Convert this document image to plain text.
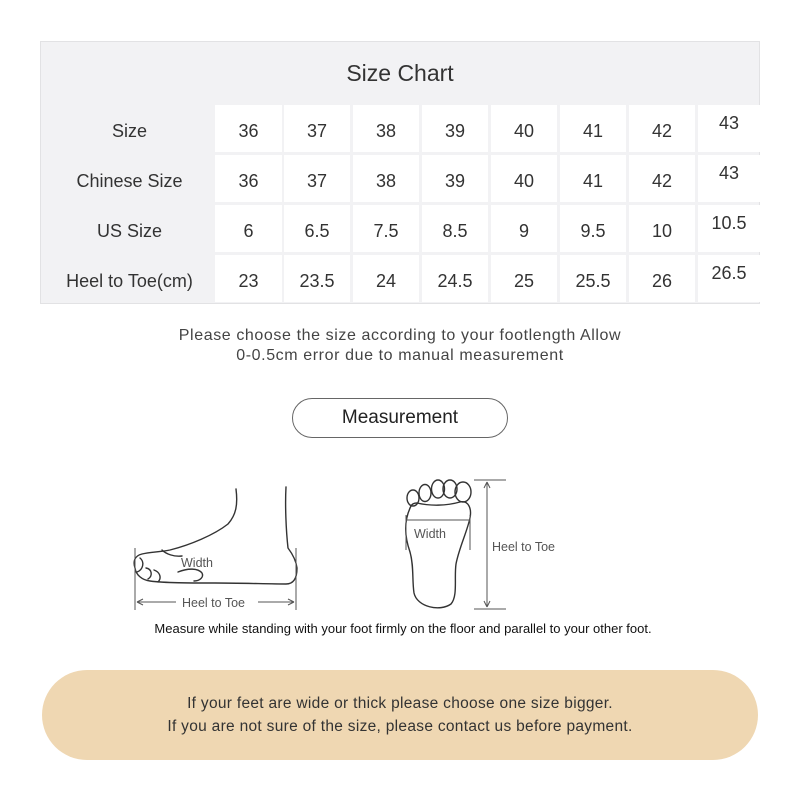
Size Chart
Size	36	37	38	39	40	41	42	43
Chinese Size	36	37	38	39	40	41	42	43
US Size	6	6.5	7.5	8.5	9	9.5	10	10.5
Heel to Toe(cm)	23	23.5	24	24.5	25	25.5	26	26.5
Please choose the size according to your footlength Allow
0-0.5cm error due to manual measurement
Measurement
Width
Heel to Toe
Width
Heel to Toe
Measure while standing with your foot firmly on the floor and parallel to your other foot.
If your feet are wide or thick please choose one size bigger.
If you are not sure of the size, please contact us before payment.
